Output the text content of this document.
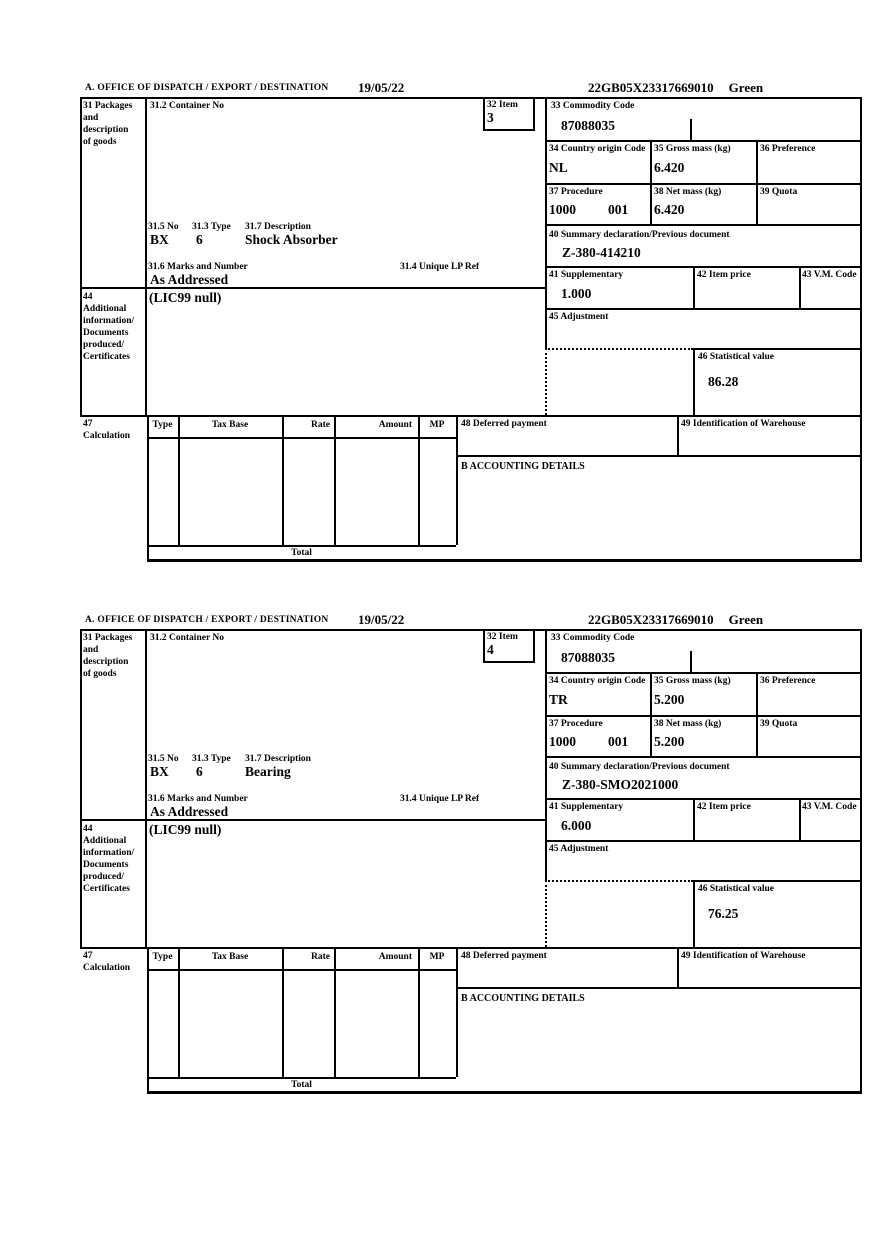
A. OFFICE OF DISPATCH / EXPORT / DESTINATION 19/05/22	22GB05X23317669010 Green
31 Packages
and
description
of goods
44
Additional
information/
Documents
produced/
Certificates
47
Calculation
31.2 Container No
31.5 No 31.3 Type 31.7 Description
BX 6	Shock Absorber
31.6 Marks and Number	31.4 Unique LP Ref
As Addressed
(LIC99 null)
32 Item
3
33 Commodity Code
87088035
34 Country origin Code
NL
35 Gross mass (kg)
6.420
36 Preference
37 Procedure
1000 001
38 Net mass (kg)
6.420
39 Quota
40 Summary declaration/Previous document
Z-380-414210
41 Supplementary
1.000
42 Item price	43 V.M. Code
45 Adjustment
46 Statistical value
86.28
Type	Tax Base	Rate	Amount	MP	48 Deferred payment	49 Identification of Warehouse
B ACCOUNTING DETAILS
Total
A. OFFICE OF DISPATCH / EXPORT / DESTINATION 19/05/22	22GB05X23317669010 Green
31 Packages
and
description
of goods
44
Additional
information/
Documents
produced/
Certificates
47
Calculation
31.2 Container No
31.5 No 31.3 Type 31.7 Description
BX 6	Bearing
31.6 Marks and Number	31.4 Unique LP Ref
As Addressed
(LIC99 null)
32 Item
4
33 Commodity Code
87088035
34 Country origin Code
TR
35 Gross mass (kg)
5.200
36 Preference
37 Procedure
1000 001
38 Net mass (kg)
5.200
39 Quota
40 Summary declaration/Previous document
Z-380-SMO2021000
41 Supplementary
6.000
42 Item price	43 V.M. Code
45 Adjustment
46 Statistical value
76.25
Type	Tax Base	Rate	Amount	MP	48 Deferred payment	49 Identification of Warehouse
B ACCOUNTING DETAILS
Total
